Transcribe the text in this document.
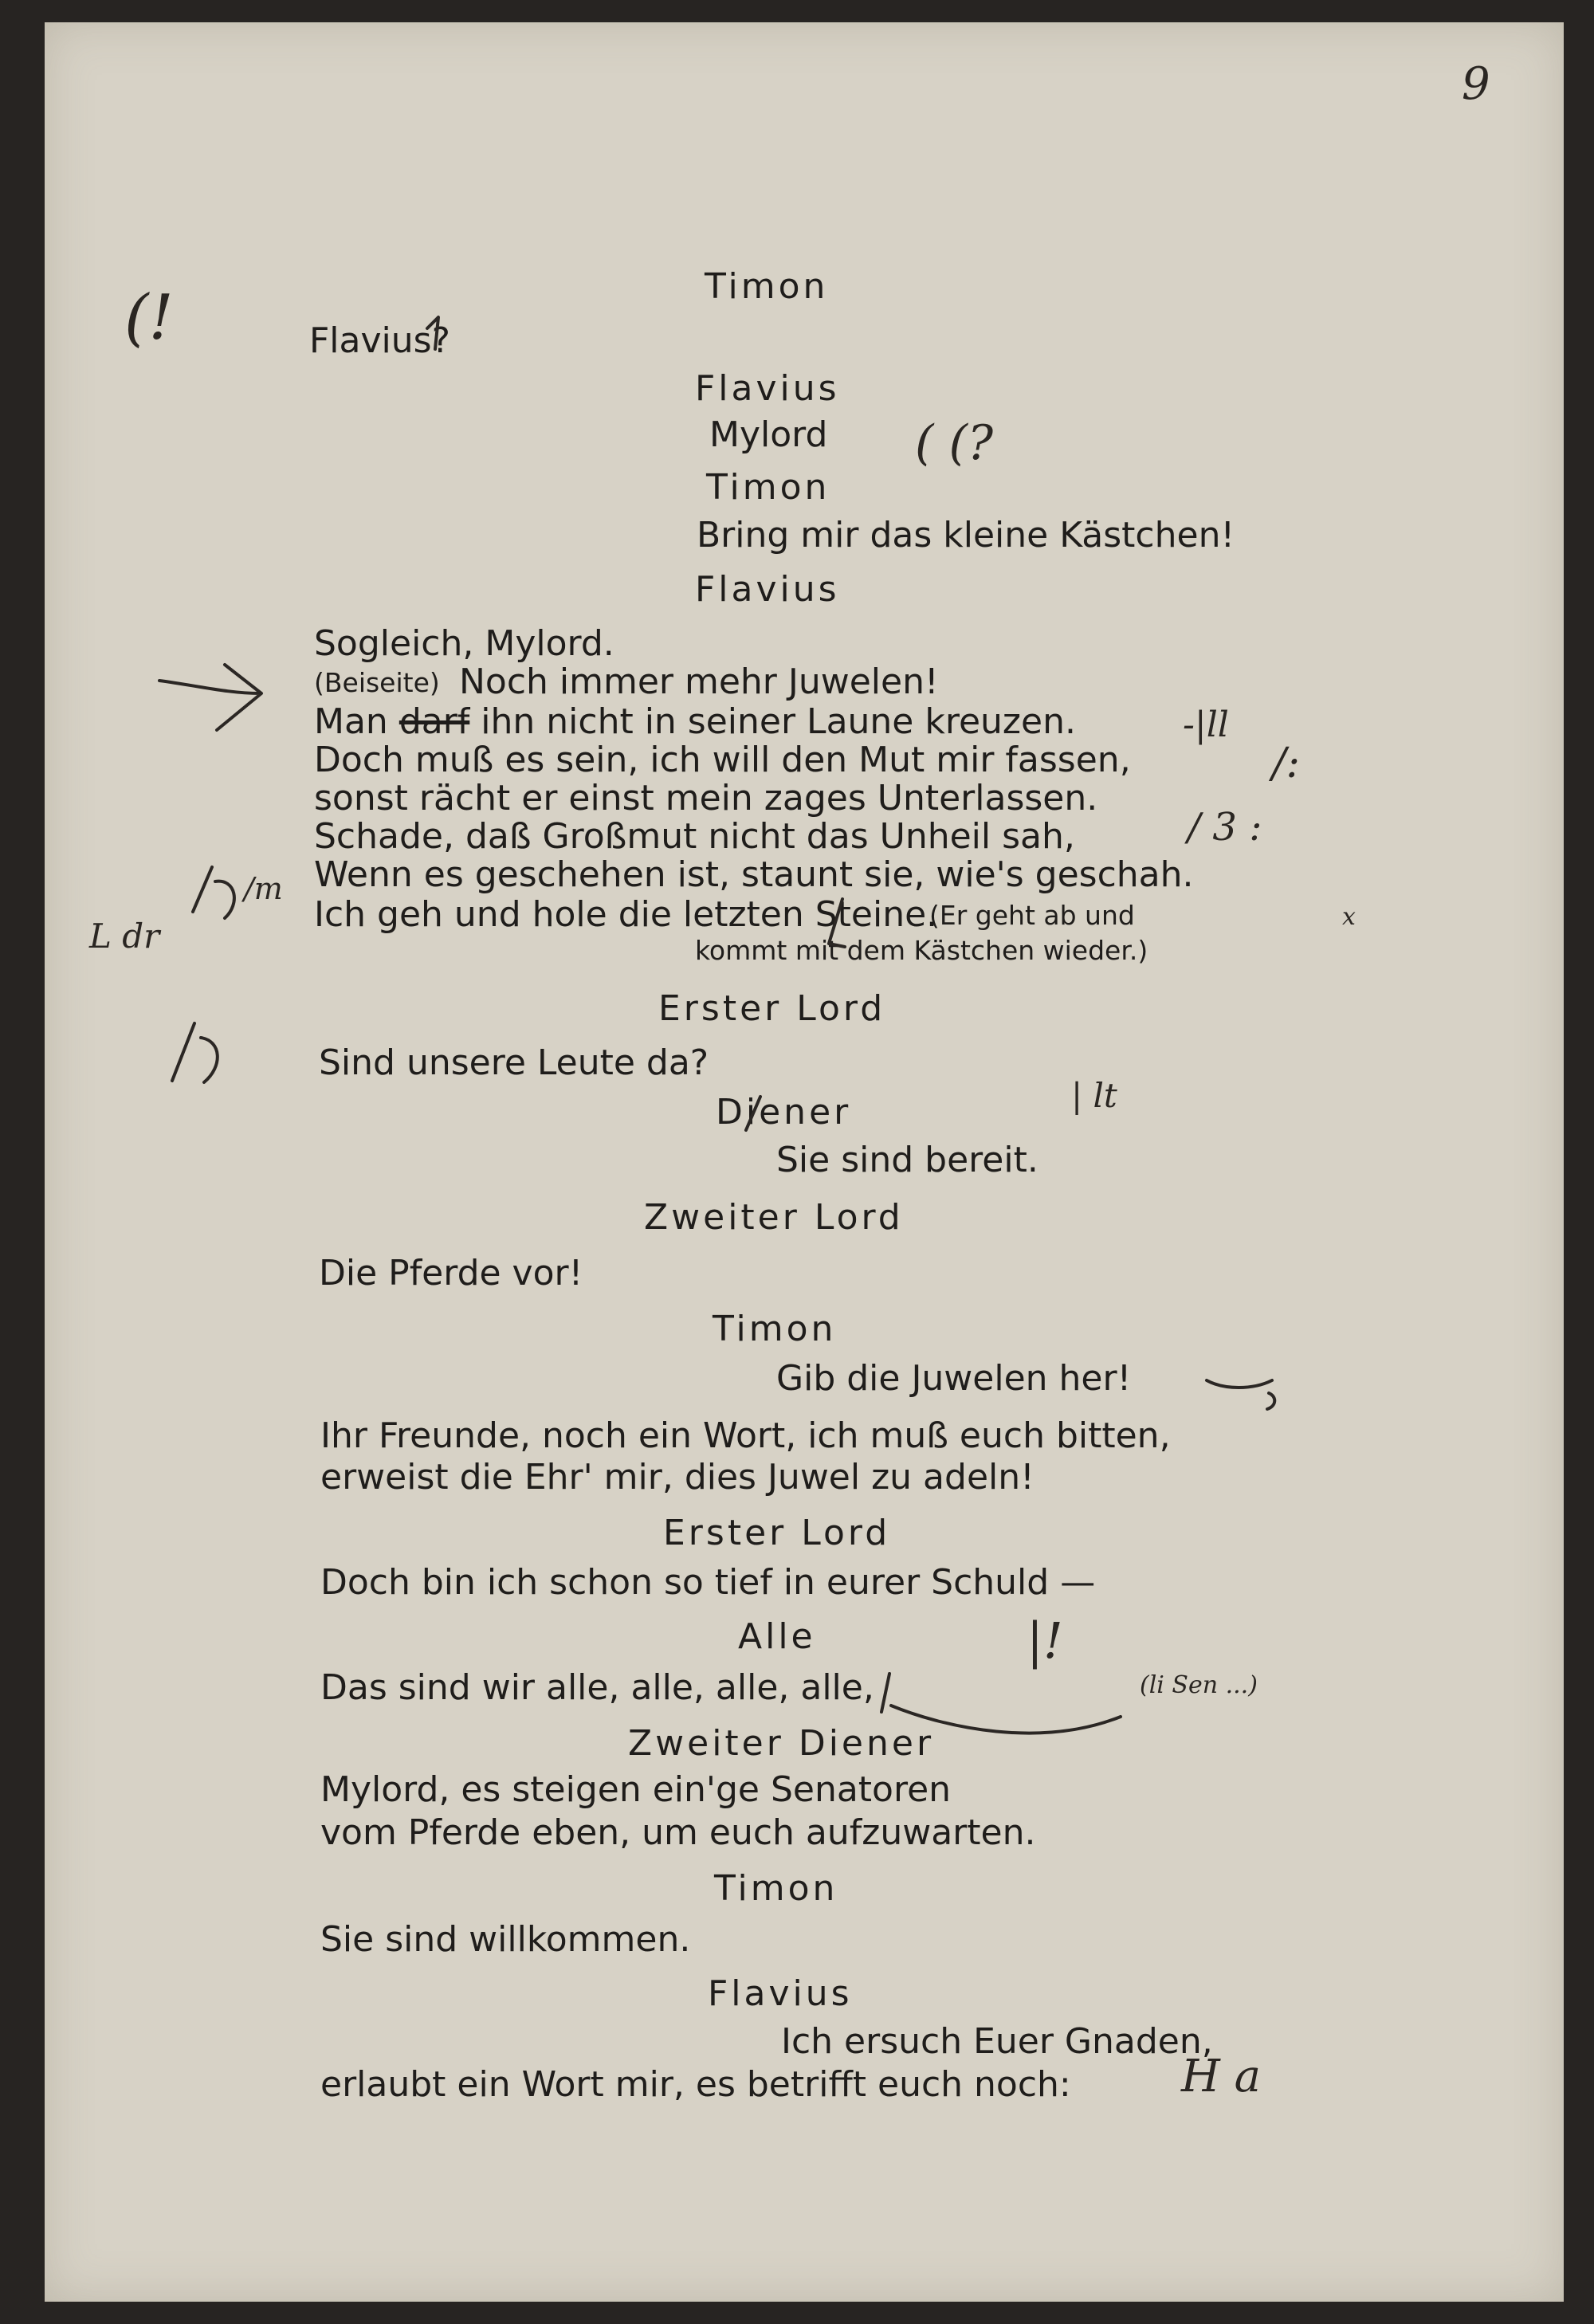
9
Timon
Flavius?
Flavius
Mylord
Timon
Bring mir das kleine Kästchen!
Flavius
Sogleich, Mylord.
(Beiseite) Noch immer mehr Juwelen!
Man darf ihn nicht in seiner Laune kreuzen.
Doch muß es sein, ich will den Mut mir fassen,
sonst rächt er einst mein zages Unterlassen.
Schade, daß Großmut nicht das Unheil sah,
Wenn es geschehen ist, staunt sie, wie's geschah.
Ich geh und hole die letzten Steine.
(Er geht ab und
kommt mit dem Kästchen wieder.)
Erster Lord
Sind unsere Leute da?
Diener
Sie sind bereit.
Zweiter Lord
Die Pferde vor!
Timon
Gib die Juwelen her!
Ihr Freunde, noch ein Wort, ich muß euch bitten,
erweist die Ehr' mir, dies Juwel zu adeln!
Erster Lord
Doch bin ich schon so tief in eurer Schuld —
Alle
Das sind wir alle, alle, alle, alle,
Zweiter Diener
Mylord, es steigen ein'ge Senatoren
vom Pferde eben, um euch aufzuwarten.
Timon
Sie sind willkommen.
Flavius
Ich ersuch Euer Gnaden,
erlaubt ein Wort mir, es betrifft euch noch:
(!
( (?
-|ll
/:
/ 3 :
/m
L dr	x
| lt
|!
(li Sen ...)
H a
